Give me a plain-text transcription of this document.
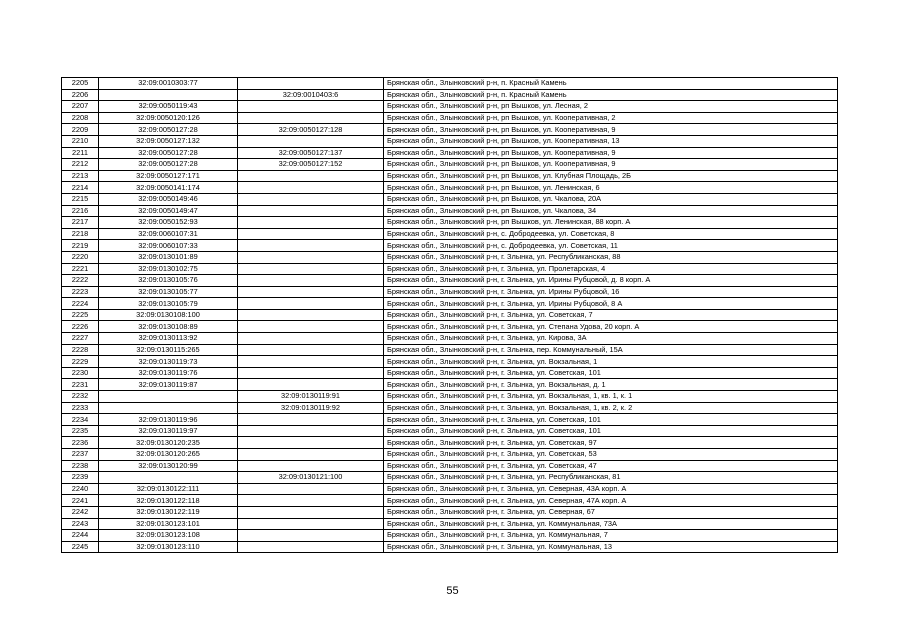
2205	32:09:0010303:77		Брянская обл., Злынковский р-н, п. Красный Камень
2206		32:09:0010403:6	Брянская обл., Злынковский р-н, п. Красный Камень
2207	32:09:0050119:43		Брянская обл., Злынковский р-н, рп Вышков, ул. Лесная, 2
2208	32:09:0050120:126		Брянская обл., Злынковский р-н, рп Вышков, ул. Кооперативная, 2
2209	32:09:0050127:28	32:09:0050127:128	Брянская обл., Злынковский р-н, рп Вышков, ул. Кооперативная, 9
2210	32:09:0050127:132		Брянская обл., Злынковский р-н, рп Вышков, ул. Кооперативная, 13
2211	32:09:0050127:28	32:09:0050127:137	Брянская обл., Злынковский р-н, рп Вышков, ул. Кооперативная, 9
2212	32:09:0050127:28	32:09:0050127:152	Брянская обл., Злынковский р-н, рп Вышков, ул. Кооперативная, 9
2213	32:09:0050127:171		Брянская обл., Злынковский р-н, рп Вышков, ул. Клубная Площадь, 2Б
2214	32:09:0050141:174		Брянская обл., Злынковский р-н, рп Вышков, ул. Ленинская, 6
2215	32:09:0050149:46		Брянская обл., Злынковский р-н, рп Вышков, ул. Чкалова, 20А
2216	32:09:0050149:47		Брянская обл., Злынковский р-н, рп Вышков, ул. Чкалова, 34
2217	32:09:0050152:93		Брянская обл., Злынковский р-н, рп Вышков, ул. Ленинская, 88 корп. А
2218	32:09:0060107:31		Брянская обл., Злынковский р-н, с. Добродеевка, ул. Советская, 8
2219	32:09:0060107:33		Брянская обл., Злынковский р-н, с. Добродеевка, ул. Советская, 11
2220	32:09:0130101:89		Брянская обл., Злынковский р-н, г. Злынка, ул. Республиканская, 88
2221	32:09:0130102:75		Брянская обл., Злынковский р-н, г. Злынка, ул. Пролетарская, 4
2222	32:09:0130105:76		Брянская обл., Злынковский р-н, г. Злынка, ул. Ирины Рубцовой, д. 8 корп. А
2223	32:09:0130105:77		Брянская обл., Злынковский р-н, г. Злынка, ул. Ирины Рубцовой, 16
2224	32:09:0130105:79		Брянская обл., Злынковский р-н, г. Злынка, ул. Ирины Рубцовой, 8 А
2225	32:09:0130108:100		Брянская обл., Злынковский р-н, г. Злынка, ул. Советская, 7
2226	32:09:0130108:89		Брянская обл., Злынковский р-н, г. Злынка, ул. Степана Удова, 20 корп. А
2227	32:09:0130113:92		Брянская обл., Злынковский р-н, г. Злынка, ул. Кирова, 3А
2228	32:09:0130115:265		Брянская обл., Злынковский р-н, г. Злынка, пер. Коммунальный, 15А
2229	32:09:0130119:73		Брянская обл., Злынковский р-н, г. Злынка, ул. Вокзальная, 1
2230	32:09:0130119:76		Брянская обл., Злынковский р-н, г. Злынка, ул. Советская, 101
2231	32:09:0130119:87		Брянская обл., Злынковский р-н, г. Злынка, ул. Вокзальная, д. 1
2232		32:09:0130119:91	Брянская обл., Злынковский р-н, г. Злынка, ул. Вокзальная, 1, кв. 1, к. 1
2233		32:09:0130119:92	Брянская обл., Злынковский р-н, г. Злынка, ул. Вокзальная, 1, кв. 2, к. 2
2234	32:09:0130119:96		Брянская обл., Злынковский р-н, г. Злынка, ул. Советская, 101
2235	32:09:0130119:97		Брянская обл., Злынковский р-н, г. Злынка, ул. Советская, 101
2236	32:09:0130120:235		Брянская обл., Злынковский р-н, г. Злынка, ул. Советская, 97
2237	32:09:0130120:265		Брянская обл., Злынковский р-н, г. Злынка, ул. Советская, 53
2238	32:09:0130120:99		Брянская обл., Злынковский р-н, г. Злынка, ул. Советская, 47
2239		32:09:0130121:100	Брянская обл., Злынковский р-н, г. Злынка, ул. Республиканская, 81
2240	32:09:0130122:111		Брянская обл., Злынковский р-н, г. Злынка, ул. Северная, 43А корп. А
2241	32:09:0130122:118		Брянская обл., Злынковский р-н, г. Злынка, ул. Северная, 47А корп. А
2242	32:09:0130122:119		Брянская обл., Злынковский р-н, г. Злынка, ул. Северная, 67
2243	32:09:0130123:101		Брянская обл., Злынковский р-н, г. Злынка, ул. Коммунальная, 73А
2244	32:09:0130123:108		Брянская обл., Злынковский р-н, г. Злынка, ул. Коммунальная, 7
2245	32:09:0130123:110		Брянская обл., Злынковский р-н, г. Злынка, ул. Коммунальная, 13
55
